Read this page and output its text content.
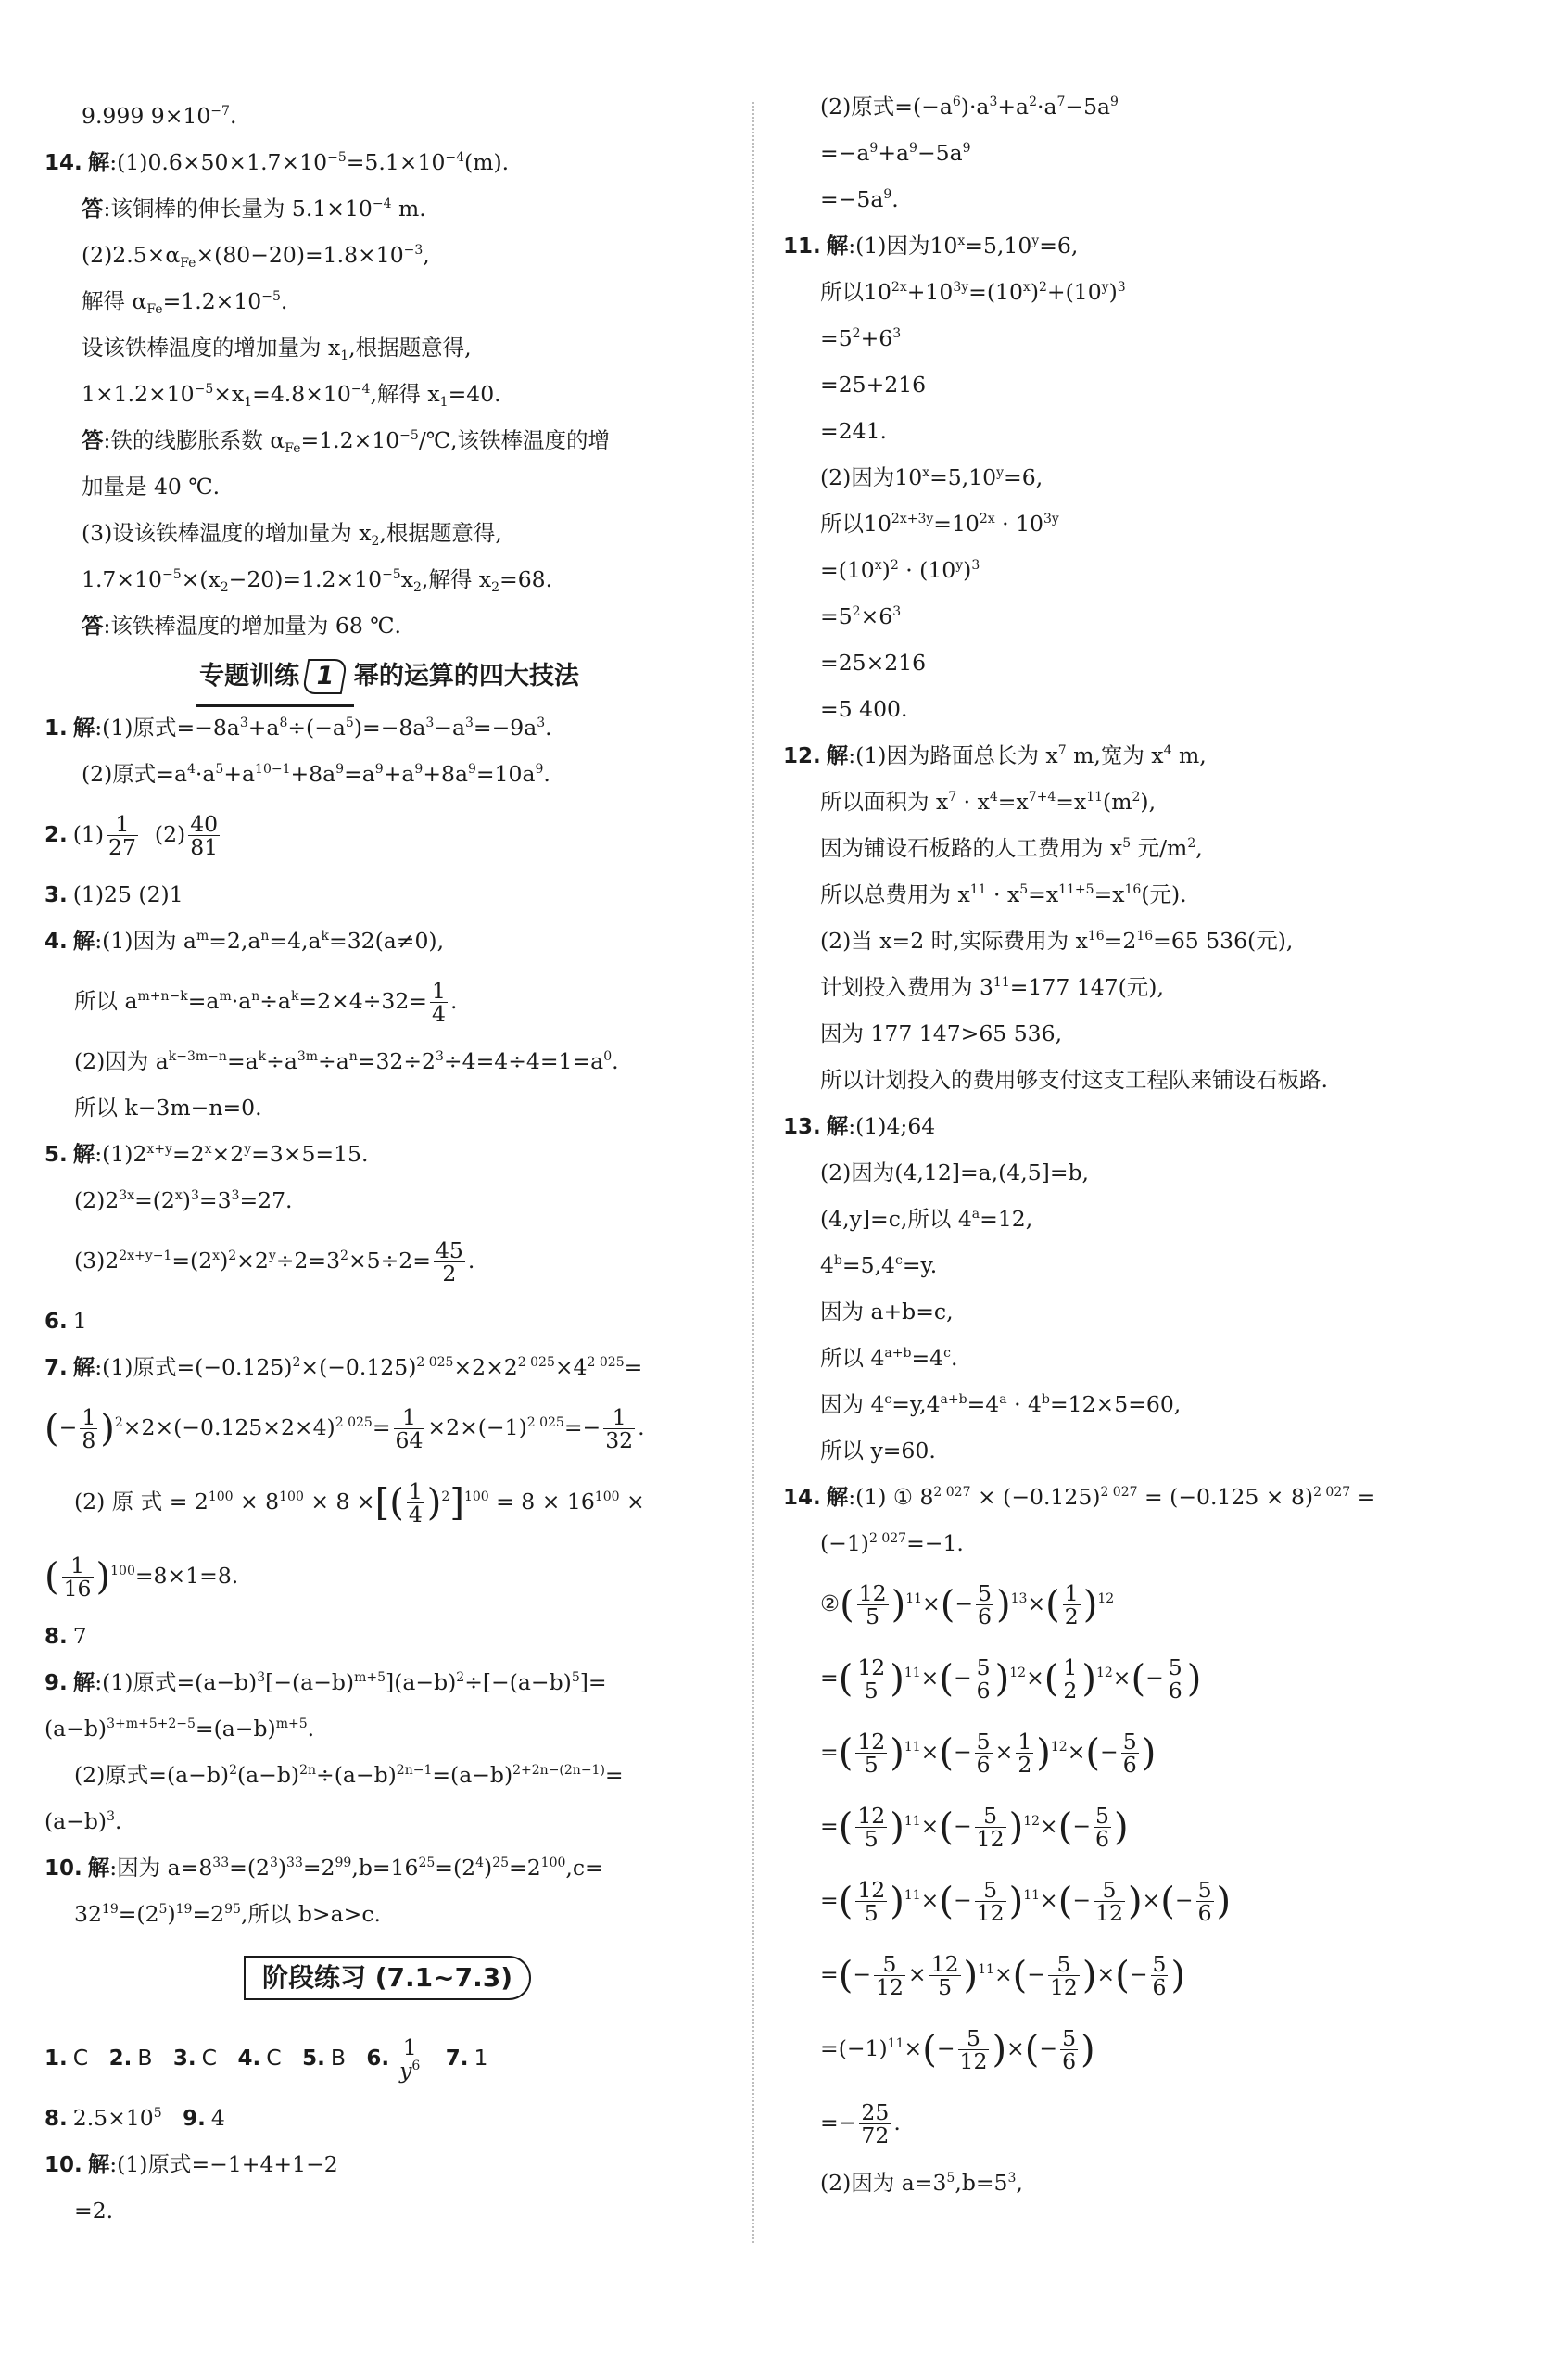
9.999 $9\times 10^{-7}$.
14. 解$:(1)0.6\times 50\times 1.7\times 10^{-5}=5.1\times 10^{-4}(m)$.
答:该铜棒的伸长量为 $5.1\times 10^{-4}$ m.
$(2)2.5\times\alpha_{Fe}\times(80-20)=1.8\times 10^{-3}$,
解得 $\alpha_{Fe}=1.2\times 10^{-5}$.
设该铁棒温度的增加量为 $x_1$,根据题意得,
$1\times 1.2\times 10^{-5}\times x_1=4.8\times 10^{-4}$,解得 $x_1=40$.
答:铁的线膨胀系数 $\alpha_{Fe}=1.2\times 10^{-5}/℃$,该铁棒温度的增
加量是 40 ℃.
(3)设该铁棒温度的增加量为 $x_2$,根据题意得,
$1.7\times 10^{-5}\times(x_2-20)=1.2\times 10^{-5}x_2$,解得 $x_2=68$.
答:该铁棒温度的增加量为 68 ℃.
专题训练 1 幂的运算的四大技法
1. 解:(1)原式$=-8a^3+a^8\div(-a^5)=-8a^3-a^3=-9a^3$.
(2)原式$=a^4\cdot a^5+a^{10-1}+8a^9=a^9+a^9+8a^9=10a^9$.
2. $(1) \frac{1}{27} (2) \frac{40}{81}$
3. (1)25 (2)1
4. 解:(1)因为 $a^m=2,a^n=4,a^k=32(a\ne 0)$,
所以 $a^{m+n-k}=a^m\cdot a^n\div a^k=2\times 4\div 32= \frac{1}{4}$ .
(2)因为 $a^{k-3m-n}=a^k\div a^{3m}\div a^n=32\div 2^3\div 4=4\div 4=1=a^0$.
所以 k−3m−n=0.
5. 解$:(1)2^{x+y}=2^x\times 2^y=3\times 5=15$.
$(2)2^{3x}=(2^x)^3=3^3=27$.
$(3)2^{2x+y-1}=(2^x)^2\times 2^y\div 2=3^2\times 5\div 2= \frac{45}{2}$ .
6. 1
7. 解:(1)原式$=(-0.125)^2\times(-0.125)^{2 025}\times 2\times 2^{2 025}\times 4^{2 025}=$
(− $\frac{1}{8} )^2\times 2\times(-0.125\times 2\times 4)^{2 025}= \frac{1}{64} \times 2\times(-1)^{2 025}=- \frac{1}{32}$ .
(2) 原 式 = $2^{100} \times 8^{100} \times 8$ ×[( $\frac{1}{4} )^2]^{100} = 8 \times 16^{100}$ ×
( $\frac{1}{16} )^{100}=8\times 1=8$.
8. 7
9. 解:(1)原式$=(a-b)^3[-(a-b)^{m+5}](a-b)^2\div[-(a-b)^5]=$
$(a-b)^{3+m+5+2-5}=(a-b)^{m+5}$.
(2)原式$=(a-b)^2(a-b)^{2n}\div(a-b)^{2n-1}=(a-b)^{2+2n-(2n-1)}=$
$(a-b)^3$.
10. 解:因为 $a=8^{33}=(2^3)^{33}=2^{99},b=16^{25}=(2^4)^{25}=2^{100},c=$
$32^{19}=(2^5)^{19}=2^{95}$,所以 b>a>c.
阶段练习 (7.1~7.3)
1. C 2. B 3. C 4. C 5. B 6. $\frac{1}{y^6} 7$. 1
8. $2.5\times 10^5$ 9. 4
10. 解:(1)原式=−1+4+1−2
=2.
(2)原式$=(-a^6)\cdot a^3+a^2\cdot a^7-5a^9$
$=-a^9+a^9-5a^9$
$=-5a^9$.
11. 解:(1)因为$10^x=5,10^y=6$,
所以$10^{2x}+10^{3y}=(10^x)^2+(10^y)^3$
$=5^2+6^3$
=25+216
=241.
(2)因为$10^x=5,10^y=6$,
所以$10^{2x+3y}=10^{2x} \cdot 10^{3y}$
$=(10^x)^2 \cdot (10^y)^3$
$=5^2\times 6^3$
=25×216
=5 400.
12. 解:(1)因为路面总长为 $x^7$ m,宽为 $x^4$ m,
所以面积为 $x^7 \cdot x^4=x^{7+4}=x^{11}(m^2)$,
因为铺设石板路的人工费用为 $x^5$ 元$/m^2$,
所以总费用为 $x^{11} \cdot x^5=x^{11+5}=x^{16}$(元).
(2)当 x=2 时,实际费用为 $x^{16}=2^{16}=65$ 536(元),
计划投入费用为 $3^{11}=177$ 147(元),
因为 177 147>65 536,
所以计划投入的费用够支付这支工程队来铺设石板路.
13. 解:(1)4;64
(2)因为(4,12]=a,(4,5]=b,
(4,y]=c,所以 $4^a=12$,
$4^b=5,4^c=y$.
因为 a+b=c,
所以 $4^{a+b}=4^c$.
因为 $4^c=y,4^{a+b}=4^a \cdot 4^b=12\times 5=60$,
所以 y=60.
14. 解:(1) ① $8^{2 027} \times (-0.125)^{2 027} = (-0.125 \times 8)^{2 027}$ =
$(-1)^{2 027}=-1$.
②( $\frac{12}{5} )^{11}\times(- \frac{5}{6} )^{13}\times( \frac{1}{2} )^{12}$
=( $\frac{12}{5} )^{11}\times(- \frac{5}{6} )^{12}\times( \frac{1}{2} )^{12}\times(- \frac{5}{6}$ )
=( $\frac{12}{5} )^{11}\times(- \frac{5}{6} \times \frac{1}{2} )^{12}\times(- \frac{5}{6}$ )
=( $\frac{12}{5} )^{11}\times(- \frac{5}{12} )^{12}\times(- \frac{5}{6}$ )
=( $\frac{12}{5} )^{11}\times(- \frac{5}{12} )^{11}\times(- \frac{5}{12}$ )×(− $\frac{5}{6}$ )
=(− $\frac{5}{12} \times \frac{12}{5} )^{11}\times(- \frac{5}{12}$ )×(− $\frac{5}{6}$ )
$=(-1)^{11}\times(- \frac{5}{12}$ )×(− $\frac{5}{6}$ )
=− $\frac{25}{72}$ .
(2)因为 $a=3^5,b=5^3$,
